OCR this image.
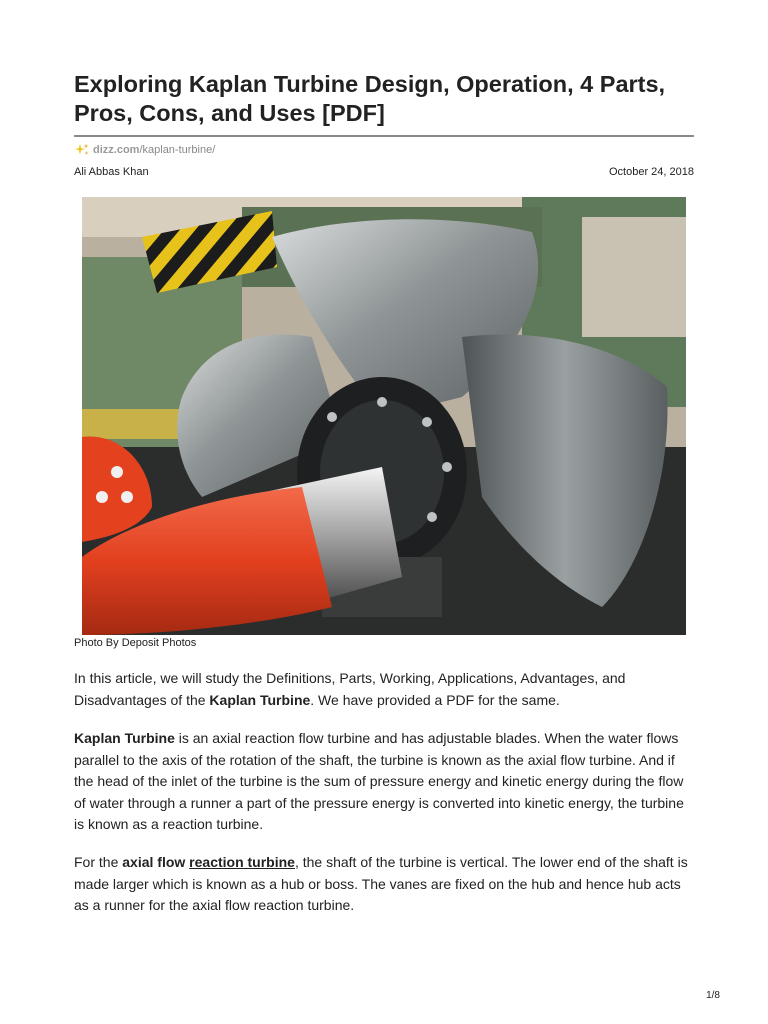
Exploring Kaplan Turbine Design, Operation, 4 Parts, Pros, Cons, and Uses [PDF]
dizz.com /kaplan-turbine/
Ali Abbas Khan	October 24, 2018
Photo By Deposit Photos

In this article, we will study the Definitions, Parts, Working, Applications, Advantages, and Disadvantages of the Kaplan Turbine. We have provided a PDF for the same.

Kaplan Turbine is an axial reaction flow turbine and has adjustable blades. When the water flows parallel to the axis of the rotation of the shaft, the turbine is known as the axial flow turbine. And if the head of the inlet of the turbine is the sum of pressure energy and kinetic energy during the flow of water through a runner a part of the pressure energy is converted into kinetic energy, the turbine is known as a reaction turbine.

For the axial flow reaction turbine, the shaft of the turbine is vertical. The lower end of the shaft is made larger which is known as a hub or boss. The vanes are fixed on the hub and hence hub acts as a runner for the axial flow reaction turbine.

1/8
